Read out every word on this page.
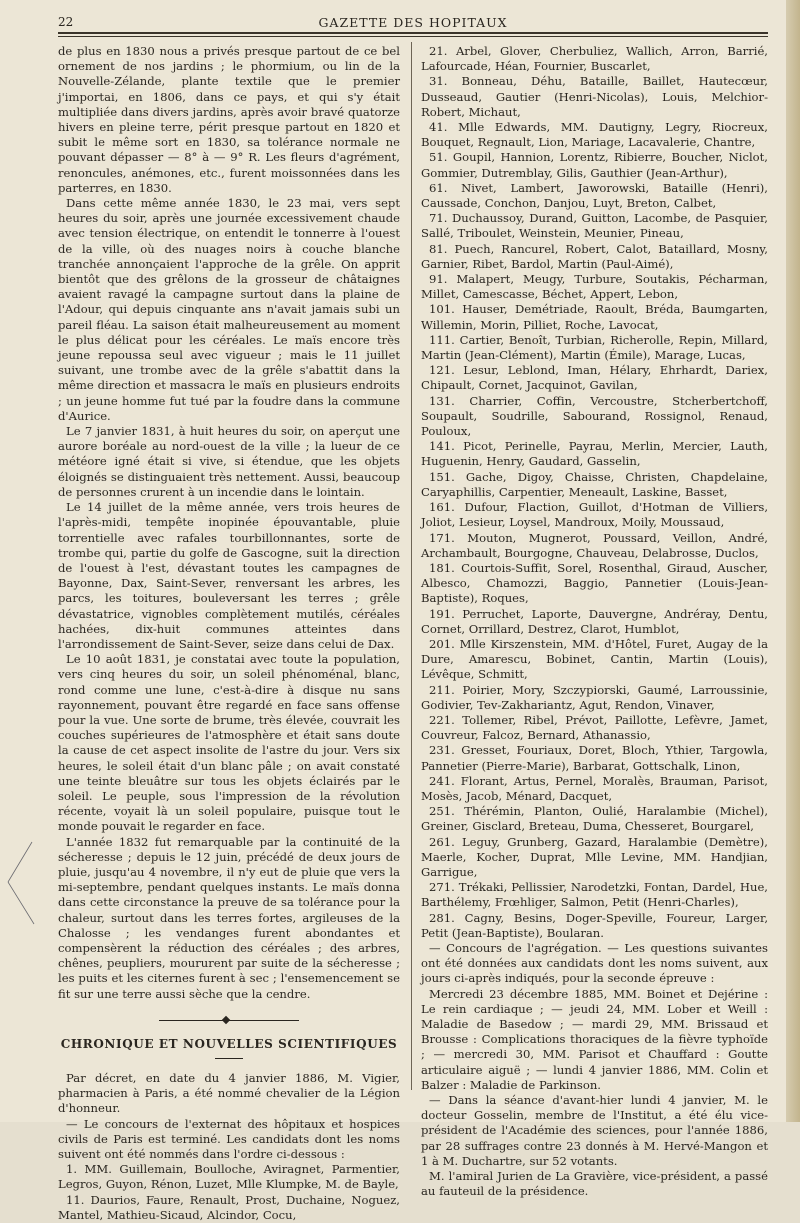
22	GAZETTE DES HOPITAUX

de plus en 1830 nous a privés presque partout de ce bel ornement de nos jardins ; le phormium, ou lin de la Nouvelle-Zélande, plante textile que le premier j'importai, en 1806, dans ce pays, et qui s'y était multipliée dans divers jardins, après avoir bravé quatorze hivers en pleine terre, périt presque partout en 1820 et subit le même sort en 1830, sa tolérance normale ne pouvant dépasser — 8° à — 9° R. Les fleurs d'agrément, renoncules, anémones, etc., furent moissonnées dans les parterres, en 1830.

Dans cette même année 1830, le 23 mai, vers sept heures du soir, après une journée excessivement chaude avec tension électrique, on entendit le tonnerre à l'ouest de la ville, où des nuages noirs à couche blanche tranchée annonçaient l'approche de la grêle. On apprit bientôt que des grêlons de la grosseur de châtaignes avaient ravagé la campagne surtout dans la plaine de l'Adour, qui depuis cinquante ans n'avait jamais subi un pareil fléau. La saison était malheureusement au moment le plus délicat pour les céréales. Le maïs encore très jeune repoussa seul avec vigueur ; mais le 11 juillet suivant, une trombe avec de la grêle s'abattit dans la même direction et massacra le maïs en plusieurs endroits ; un jeune homme fut tué par la foudre dans la commune d'Aurice.

Le 7 janvier 1831, à huit heures du soir, on aperçut une aurore boréale au nord-ouest de la ville ; la lueur de ce météore igné était si vive, si étendue, que les objets éloignés se distinguaient très nettement. Aussi, beaucoup de personnes crurent à un incendie dans le lointain.

Le 14 juillet de la même année, vers trois heures de l'après-midi, tempête inopinée épouvantable, pluie torrentielle avec rafales tourbillonnantes, sorte de trombe qui, partie du golfe de Gascogne, suit la direction de l'ouest à l'est, dévastant toutes les campagnes de Bayonne, Dax, Saint-Sever, renversant les arbres, les parcs, les toitures, bouleversant les terres ; grêle dévastatrice, vignobles complètement mutilés, céréales hachées, dix-huit communes atteintes dans l'arrondissement de Saint-Sever, seize dans celui de Dax.

Le 10 août 1831, je constatai avec toute la population, vers cinq heures du soir, un soleil phénoménal, blanc, rond comme une lune, c'est-à-dire à disque nu sans rayonnement, pouvant être regardé en face sans offense pour la vue. Une sorte de brume, très élevée, couvrait les couches supérieures de l'atmosphère et était sans doute la cause de cet aspect insolite de l'astre du jour. Vers six heures, le soleil était d'un blanc pâle ; on avait constaté une teinte bleuâtre sur tous les objets éclairés par le soleil. Le peuple, sous l'impression de la révolution récente, voyait là un soleil populaire, puisque tout le monde pouvait le regarder en face.

L'année 1832 fut remarquable par la continuité de la sécheresse ; depuis le 12 juin, précédé de deux jours de pluie, jusqu'au 4 novembre, il n'y eut de pluie que vers la mi-septembre, pendant quelques instants. Le maïs donna dans cette circonstance la preuve de sa tolérance pour la chaleur, surtout dans les terres fortes, argileuses de la Chalosse ; les vendanges furent abondantes et compensèrent la réduction des céréales ; des arbres, chênes, peupliers, moururent par suite de la sécheresse ; les puits et les citernes furent à sec ; l'ensemencement se fit sur une terre aussi sèche que la cendre.

CHRONIQUE ET NOUVELLES SCIENTIFIQUES

Par décret, en date du 4 janvier 1886, M. Vigier, pharmacien à Paris, a été nommé chevalier de la Légion d'honneur.

— Le concours de l'externat des hôpitaux et hospices civils de Paris est terminé. Les candidats dont les noms suivent ont été nommés dans l'ordre ci-dessous :

1. MM. Guillemain, Boulloche, Aviragnet, Parmentier, Legros, Guyon, Rénon, Luzet, Mlle Klumpke, M. de Bayle,

11. Daurios, Faure, Renault, Prost, Duchaine, Noguez, Mantel, Mathieu-Sicaud, Alcindor, Cocu,

21. Arbel, Glover, Cherbuliez, Wallich, Arron, Barrié, Lafourcade, Héan, Fournier, Buscarlet,

31. Bonneau, Déhu, Bataille, Baillet, Hautecœur, Dusseaud, Gautier (Henri-Nicolas), Louis, Melchior-Robert, Michaut,

41. Mlle Edwards, MM. Dautigny, Legry, Riocreux, Bouquet, Regnault, Lion, Mariage, Lacavalerie, Chantre,

51. Goupil, Hannion, Lorentz, Ribierre, Boucher, Niclot, Gommier, Dutremblay, Gilis, Gauthier (Jean-Arthur),

61. Nivet, Lambert, Jaworowski, Bataille (Henri), Caussade, Conchon, Danjou, Luyt, Breton, Calbet,

71. Duchaussoy, Durand, Guitton, Lacombe, de Pasquier, Sallé, Triboulet, Weinstein, Meunier, Pineau,

81. Puech, Rancurel, Robert, Calot, Bataillard, Mosny, Garnier, Ribet, Bardol, Martin (Paul-Aimé),

91. Malapert, Meugy, Turbure, Soutakis, Pécharman, Millet, Camescasse, Béchet, Appert, Lebon,

101. Hauser, Demétriade, Raoult, Bréda, Baumgarten, Willemin, Morin, Pilliet, Roche, Lavocat,

111. Cartier, Benoît, Turbian, Richerolle, Repin, Millard, Martin (Jean-Clément), Martin (Émile), Marage, Lucas,

121. Lesur, Leblond, Iman, Hélary, Ehrhardt, Dariex, Chipault, Cornet, Jacquinot, Gavilan,

131. Charrier, Coffin, Vercoustre, Stcherbertchoff, Soupault, Soudrille, Sabourand, Rossignol, Renaud, Pouloux,

141. Picot, Perinelle, Payrau, Merlin, Mercier, Lauth, Huguenin, Henry, Gaudard, Gasselin,

151. Gache, Digoy, Chaisse, Christen, Chapdelaine, Caryaphillis, Carpentier, Meneault, Laskine, Basset,

161. Dufour, Flaction, Guillot, d'Hotman de Villiers, Joliot, Lesieur, Loysel, Mandroux, Moily, Moussaud,

171. Mouton, Mugnerot, Poussard, Veillon, André, Archambault, Bourgogne, Chauveau, Delabrosse, Duclos,

181. Courtois-Suffit, Sorel, Rosenthal, Giraud, Auscher, Albesco, Chamozzi, Baggio, Pannetier (Louis-Jean-Baptiste), Roques,

191. Perruchet, Laporte, Dauvergne, Andréray, Dentu, Cornet, Orrillard, Destrez, Clarot, Humblot,

201. Mlle Kirszenstein, MM. d'Hôtel, Furet, Augay de la Dure, Amarescu, Bobinet, Cantin, Martin (Louis), Lévêque, Schmitt,

211. Poirier, Mory, Szczypiorski, Gaumé, Larroussinie, Godivier, Tev-Zakhariantz, Agut, Rendon, Vinaver,

221. Tollemer, Ribel, Prévot, Paillotte, Lefèvre, Jamet, Couvreur, Falcoz, Bernard, Athanassio,

231. Gresset, Fouriaux, Doret, Bloch, Ythier, Targowla, Pannetier (Pierre-Marie), Barbarat, Gottschalk, Linon,

241. Florant, Artus, Pernel, Moralès, Brauman, Parisot, Mosès, Jacob, Ménard, Dacquet,

251. Thérémin, Planton, Oulié, Haralambie (Michel), Greiner, Gisclard, Breteau, Duma, Chesseret, Bourgarel,

261. Leguy, Grunberg, Gazard, Haralambie (Demètre), Maerle, Kocher, Duprat, Mlle Levine, MM. Handjian, Garrigue,

271. Trékaki, Pellissier, Narodetzki, Fontan, Dardel, Hue, Barthélemy, Frœhliger, Salmon, Petit (Henri-Charles),

281. Cagny, Besins, Doger-Speville, Foureur, Larger, Petit (Jean-Baptiste), Boularan.

— Concours de l'agrégation. — Les questions suivantes ont été données aux candidats dont les noms suivent, aux jours ci-après indiqués, pour la seconde épreuve :

Mercredi 23 décembre 1885, MM. Boinet et Dejérine : Le rein cardiaque ; — jeudi 24, MM. Lober et Weill : Maladie de Basedow ; — mardi 29, MM. Brissaud et Brousse : Complications thoraciques de la fièvre typhoïde ; — mercredi 30, MM. Parisot et Chauffard : Goutte articulaire aiguë ; — lundi 4 janvier 1886, MM. Colin et Balzer : Maladie de Parkinson.

— Dans la séance d'avant-hier lundi 4 janvier, M. le docteur Gosselin, membre de l'Institut, a été élu vice-président de l'Académie des sciences, pour l'année 1886, par 28 suffrages contre 23 donnés à M. Hervé-Mangon et 1 à M. Duchartre, sur 52 votants.

M. l'amiral Jurien de La Gravière, vice-président, a passé au fauteuil de la présidence.
